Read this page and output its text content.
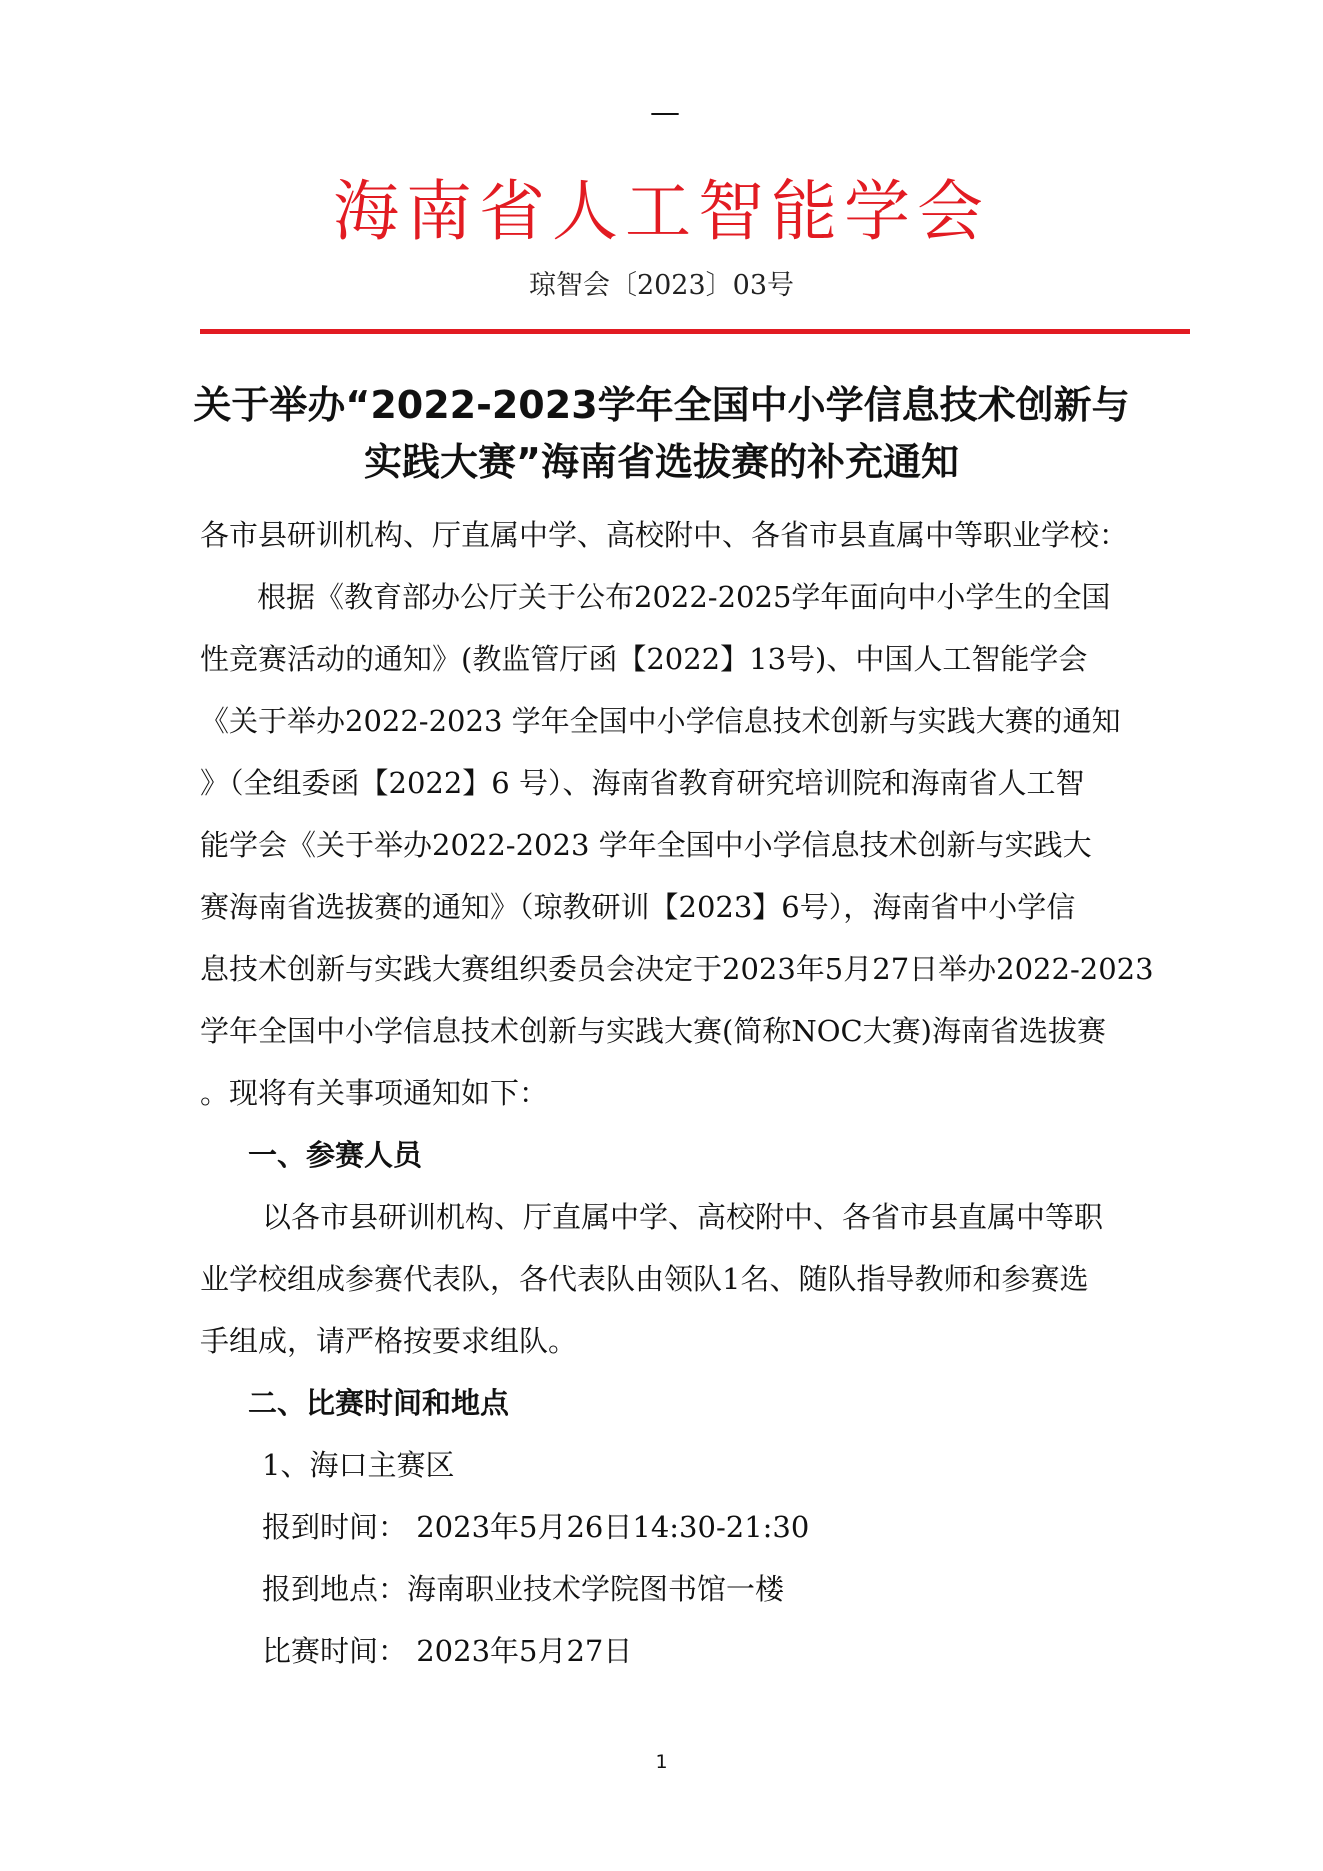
—
海南省人工智能学会
琼智会〔2023〕03号
关于举办“2022-2023学年全国中小学信息技术创新与
实践大赛”海南省选拔赛的补充通知
各市县研训机构、厅直属中学、高校附中、各省市县直属中等职业学校：
　根据《教育部办公厅关于公布2022-2025学年面向中小学生的全国
性竞赛活动的通知》(教监管厅函【2022】13号)、中国人工智能学会
《关于举办2022-2023 学年全国中小学信息技术创新与实践大赛的通知
》（全组委函【2022】6 号）、海南省教育研究培训院和海南省人工智
能学会《关于举办2022-2023 学年全国中小学信息技术创新与实践大
赛海南省选拔赛的通知》（琼教研训【2023】6号），海南省中小学信
息技术创新与实践大赛组织委员会决定于2023年5月27日举办2022-2023
学年全国中小学信息技术创新与实践大赛(简称NOC大赛)海南省选拔赛
。现将有关事项通知如下：
一、参赛人员
以各市县研训机构、厅直属中学、高校附中、各省市县直属中等职
业学校组成参赛代表队，各代表队由领队1名、随队指导教师和参赛选
手组成，请严格按要求组队。
二、比赛时间和地点
1、海口主赛区
报到时间： 2023年5月26日14:30-21:30
报到地点：海南职业技术学院图书馆一楼
比赛时间： 2023年5月27日
1
